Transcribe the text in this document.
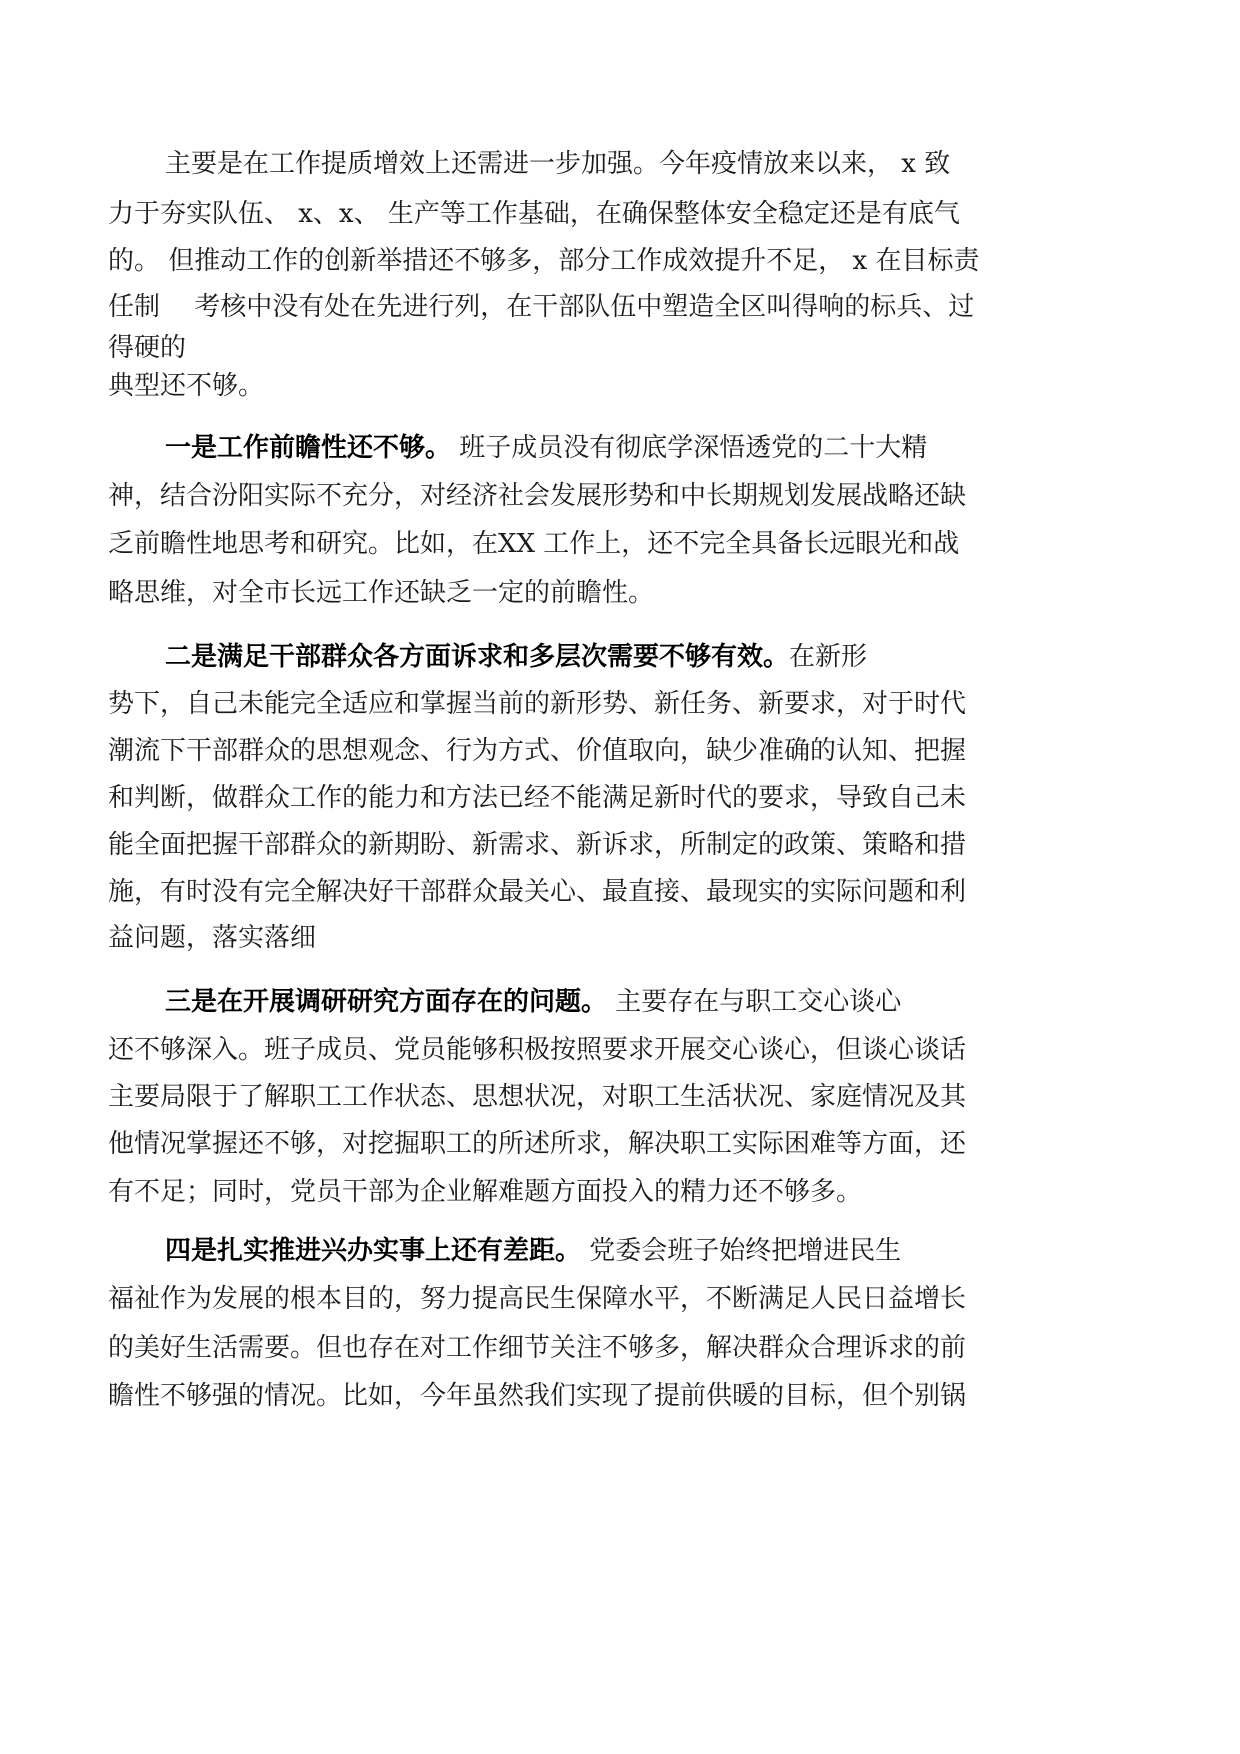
主要是在工作提质增效上还需进一步加强。今年疫情放来以来， x 致
力于夯实队伍、 x、x、 生产等工作基础，在确保整体安全稳定还是有底气
的。 但推动工作的创新举措还不够多，部分工作成效提升不足， x 在目标责
任制　 考核中没有处在先进行列，在干部队伍中塑造全区叫得响的标兵、过
得硬的
典型还不够。
一是工作前瞻性还不够。 班子成员没有彻底学深悟透党的二十大精
神，结合汾阳实际不充分，对经济社会发展形势和中长期规划发展战略还缺
乏前瞻性地思考和研究。比如，在XX 工作上，还不完全具备长远眼光和战
略思维，对全市长远工作还缺乏一定的前瞻性。
二是满足干部群众各方面诉求和多层次需要不够有效。在新形
势下，自己未能完全适应和掌握当前的新形势、新任务、新要求，对于时代
潮流下干部群众的思想观念、行为方式、价值取向，缺少准确的认知、把握
和判断，做群众工作的能力和方法已经不能满足新时代的要求，导致自己未
能全面把握干部群众的新期盼、新需求、新诉求，所制定的政策、策略和措
施，有时没有完全解决好干部群众最关心、最直接、最现实的实际问题和利
益问题，落实落细
三是在开展调研研究方面存在的问题。 主要存在与职工交心谈心
还不够深入。班子成员、党员能够积极按照要求开展交心谈心，但谈心谈话
主要局限于了解职工工作状态、思想状况，对职工生活状况、家庭情况及其
他情况掌握还不够，对挖掘职工的所述所求，解决职工实际困难等方面，还
有不足；同时，党员干部为企业解难题方面投入的精力还不够多。
四是扎实推进兴办实事上还有差距。 党委会班子始终把增进民生
福祉作为发展的根本目的，努力提高民生保障水平，不断满足人民日益增长
的美好生活需要。但也存在对工作细节关注不够多，解决群众合理诉求的前
瞻性不够强的情况。比如，今年虽然我们实现了提前供暖的目标，但个别锅
